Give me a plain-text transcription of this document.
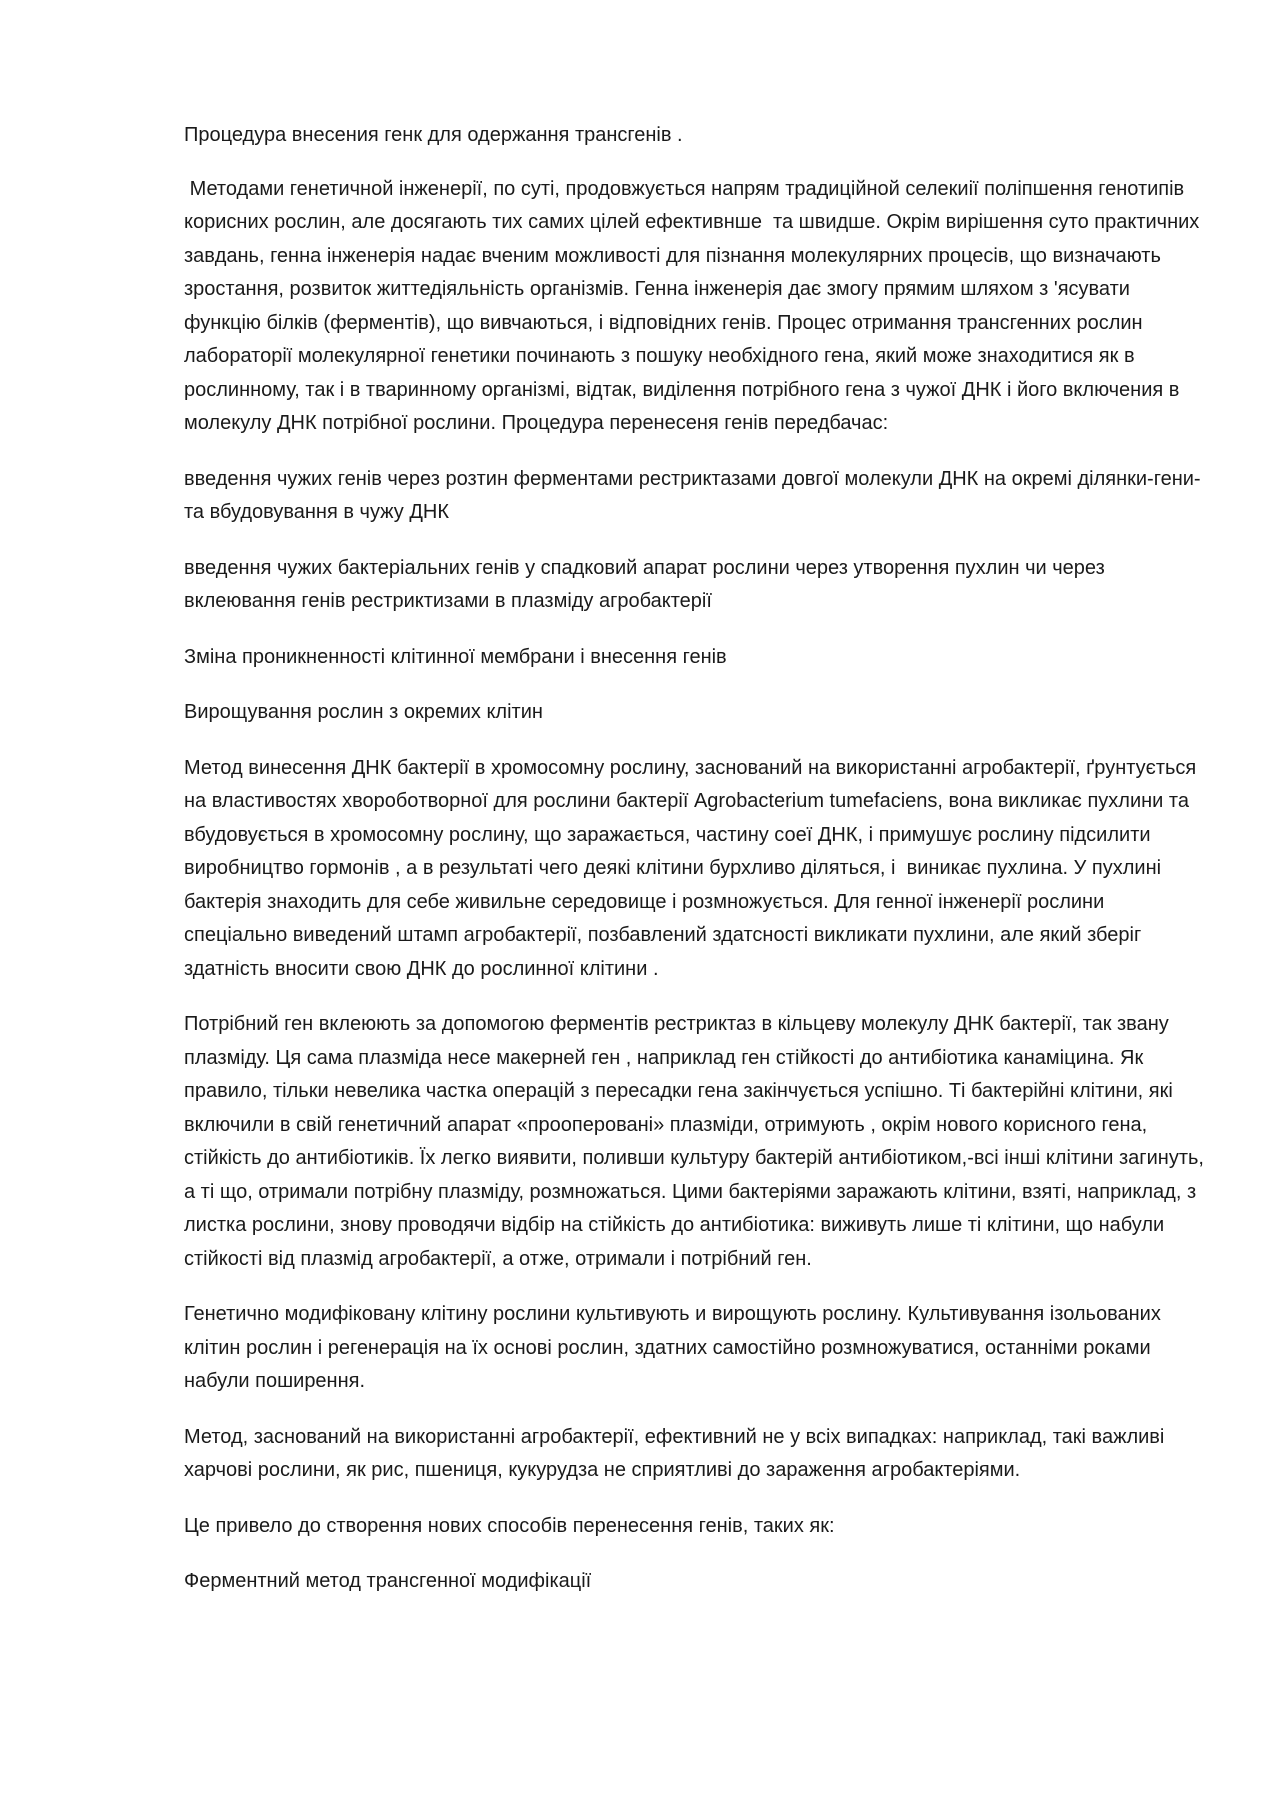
Процедура внесения генк для одержання трансгенів .

Методами генетичной інженерії, по суті, продовжується напрям традиційной селекиії поліпшення генотипів корисних рослин, але досягають тих самих цілей ефективнше  та швидше. Окрім вирішення суто практичних завдань, генна інженерія надає вченим можливості для пізнання молекулярних процесів, що визначають зростання, розвиток життедіяльність організмів. Генна інженерія дає змогу прямим шляхом з 'ясувати функцію білків (ферментів), що вивчаються, і відповідних генів. Процес отримання трансгенних рослин лабораторії молекулярної генетики починають з пошуку необхідного гена, який може знаходитися як в рослинному, так і в тваринному організмі, відтак, виділення потрібного гена з чужої ДНК і його включения в молекулу ДНК потрібної рослини. Процедура перенесеня генів передбачас:

введення чужих генів через розтин ферментами рестриктазами довгої молекули ДНК на окремі ділянки-гени-та вбудовування в чужу ДНК

введення чужих бактеріальних генів у спадковий апарат рослини через утворення пухлин чи через вклеювання генів рестриктизами в плазміду агробактерії

Зміна проникненності клітинної мембрани і внесення генів

Вирощування рослин з окремих клітин

Метод винесення ДНК бактерії в хромосомну рослину, заснований на використанні агробактерії, ґрунтується на властивостях хворобoтворної для рослини бактерії Agrobacterium tumefaciens, вона викликає пухлини та вбудовується в хромосомну рослину, що заражається, частину соеї ДНК, і примушує рослину підсилити виробництво гормонів , а в результаті чего деякі клітини бурхливо діляться, і  виникає пухлина. У пухлині бактерія знаходить для себе живильне середовище і розмножується. Для генної інженерії рослини спеціально виведений штамп агробактерії, позбавлений здатсності викликати пухлини, але який зберіг здатність вносити свою ДНК до рослинної клітини .

Потрібний ген вклеюють за допомогою ферментів рестриктаз в кільцеву молекулу ДНК бактерії, так звану плазміду. Ця сама плазміда несе макерней ген , наприклад ген стійкості до антибіотика канаміцина. Як правило, тільки невелика частка операцій з пересадки гена закінчується успішно. Ті бактерійні клітини, які включили в свій генетичний апарат «прооперовані» плазміди, отримують , окрім нового корисного гена, стійкість до антибіотиків. Їх легко виявити, поливши культуру бактерій антибіотиком,-всі інші клітини загинуть, а ті що, отримали потрібну плазміду, розмножаться. Цими бактеріями заражають клітини, взяті, наприклад, з листка рослини, знову проводячи відбір на стійкість до антибіотика: виживуть лише ті клітини, що набули стійкості від плазмід агробактерії, а отже, отримали і потрібний ген.

Генетично модифіковану клітину рослини культивують и вирощують рослину. Культивування ізольованих клітин рослин і регенерація на їх основі рослин, здатних самостійно розмножуватися, останніми роками набули поширення.

Метод, заснований на використанні агробактерії, ефективний не у всіх випадках: наприклад, такі важливі харчові рослини, як рис, пшениця, кукурудза не сприятливі до зараження агробактеріями.

Це привело до створення нових способів перенесення генів, таких як:

Ферментний метод трансгенної модифікації
